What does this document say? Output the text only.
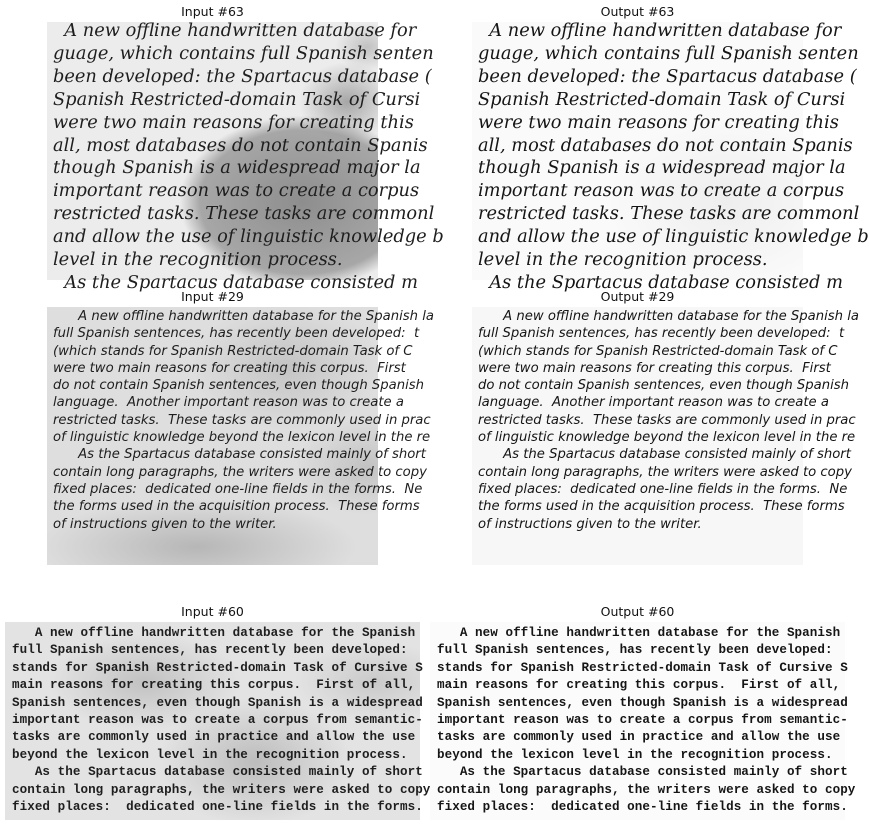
Input #63
A new offline handwritten database for
guage, which contains full Spanish senten
been developed: the Spartacus database (
Spanish Restricted-domain Task of Cursi
were two main reasons for creating this
all, most databases do not contain Spanis
though Spanish is a widespread major la
important reason was to create a corpus
restricted tasks. These tasks are commonl
and allow the use of linguistic knowledge b
level in the recognition process.
As the Spartacus database consisted m
Output #63
A new offline handwritten database for
guage, which contains full Spanish senten
been developed: the Spartacus database (
Spanish Restricted-domain Task of Cursi
were two main reasons for creating this
all, most databases do not contain Spanis
though Spanish is a widespread major la
important reason was to create a corpus
restricted tasks. These tasks are commonl
and allow the use of linguistic knowledge b
level in the recognition process.
As the Spartacus database consisted m
Input #29
A new offline handwritten database for the Spanish la
full Spanish sentences, has recently been developed:  t
(which stands for Spanish Restricted-domain Task of C
were two main reasons for creating this corpus.  First
do not contain Spanish sentences, even though Spanish
language.  Another important reason was to create a
restricted tasks.  These tasks are commonly used in prac
of linguistic knowledge beyond the lexicon level in the re
As the Spartacus database consisted mainly of short
contain long paragraphs, the writers were asked to copy
fixed places:  dedicated one-line fields in the forms.  Ne
the forms used in the acquisition process.  These forms
of instructions given to the writer.
Output #29
A new offline handwritten database for the Spanish la
full Spanish sentences, has recently been developed:  t
(which stands for Spanish Restricted-domain Task of C
were two main reasons for creating this corpus.  First
do not contain Spanish sentences, even though Spanish
language.  Another important reason was to create a
restricted tasks.  These tasks are commonly used in prac
of linguistic knowledge beyond the lexicon level in the re
As the Spartacus database consisted mainly of short
contain long paragraphs, the writers were asked to copy
fixed places:  dedicated one-line fields in the forms.  Ne
the forms used in the acquisition process.  These forms
of instructions given to the writer.
Input #60
A new offline handwritten database for the Spanish
full Spanish sentences, has recently been developed:
stands for Spanish Restricted-domain Task of Cursive S
main reasons for creating this corpus.  First of all,
Spanish sentences, even though Spanish is a widespread
important reason was to create a corpus from semantic-
tasks are commonly used in practice and allow the use
beyond the lexicon level in the recognition process.
As the Spartacus database consisted mainly of short
contain long paragraphs, the writers were asked to copy
fixed places:  dedicated one-line fields in the forms.
Output #60
A new offline handwritten database for the Spanish
full Spanish sentences, has recently been developed:
stands for Spanish Restricted-domain Task of Cursive S
main reasons for creating this corpus.  First of all,
Spanish sentences, even though Spanish is a widespread
important reason was to create a corpus from semantic-
tasks are commonly used in practice and allow the use
beyond the lexicon level in the recognition process.
As the Spartacus database consisted mainly of short
contain long paragraphs, the writers were asked to copy
fixed places:  dedicated one-line fields in the forms.
